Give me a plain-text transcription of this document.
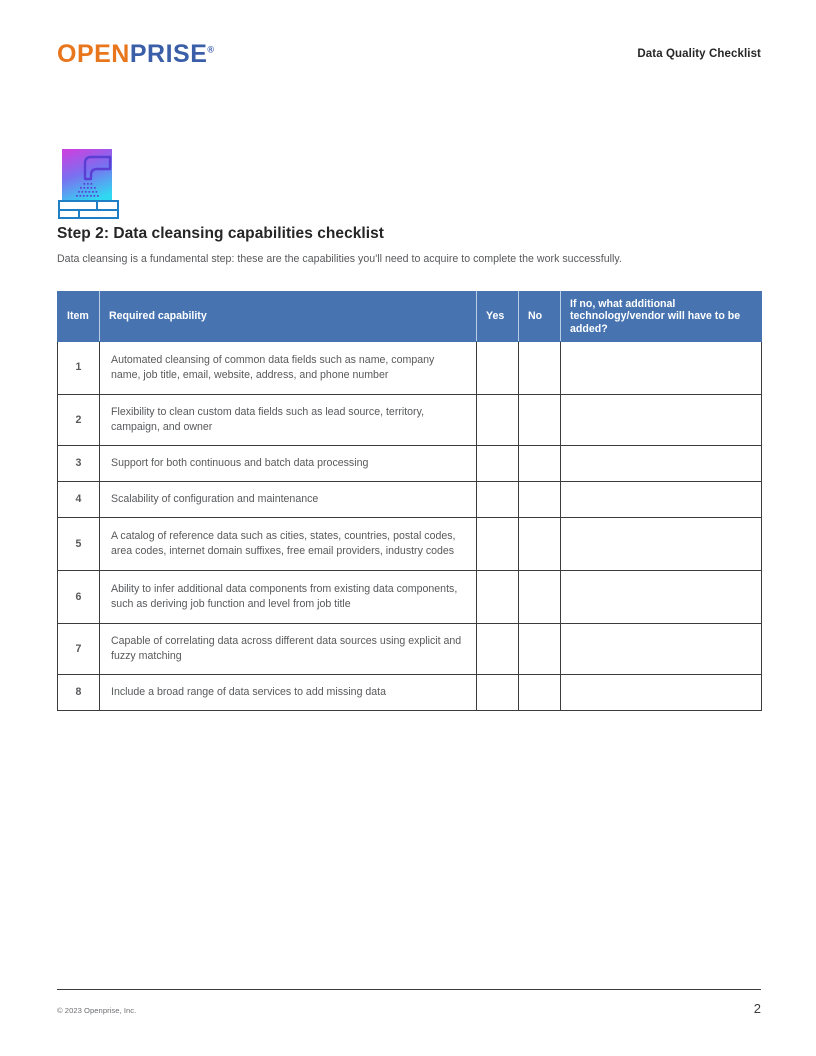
OPENPRISE®	Data Quality Checklist
Step 2: Data cleansing capabilities checklist
Data cleansing is a fundamental step: these are the capabilities you'll need to acquire to complete the work successfully.
Item	Required capability	Yes	No	If no, what additional technology/vendor will have to be added?
1	Automated cleansing of common data fields such as name, company name, job title, email, website, address, and phone number			
2	Flexibility to clean custom data fields such as lead source, territory, campaign, and owner			
3	Support for both continuous and batch data processing			
4	Scalability of configuration and maintenance			
5	A catalog of reference data such as cities, states, countries, postal codes, area codes, internet domain suffixes, free email providers, industry codes			
6	Ability to infer additional data components from existing data components, such as deriving job function and level from job title			
7	Capable of correlating data across different data sources using explicit and fuzzy matching			
8	Include a broad range of data services to add missing data			
© 2023 Openprise, Inc.	2
